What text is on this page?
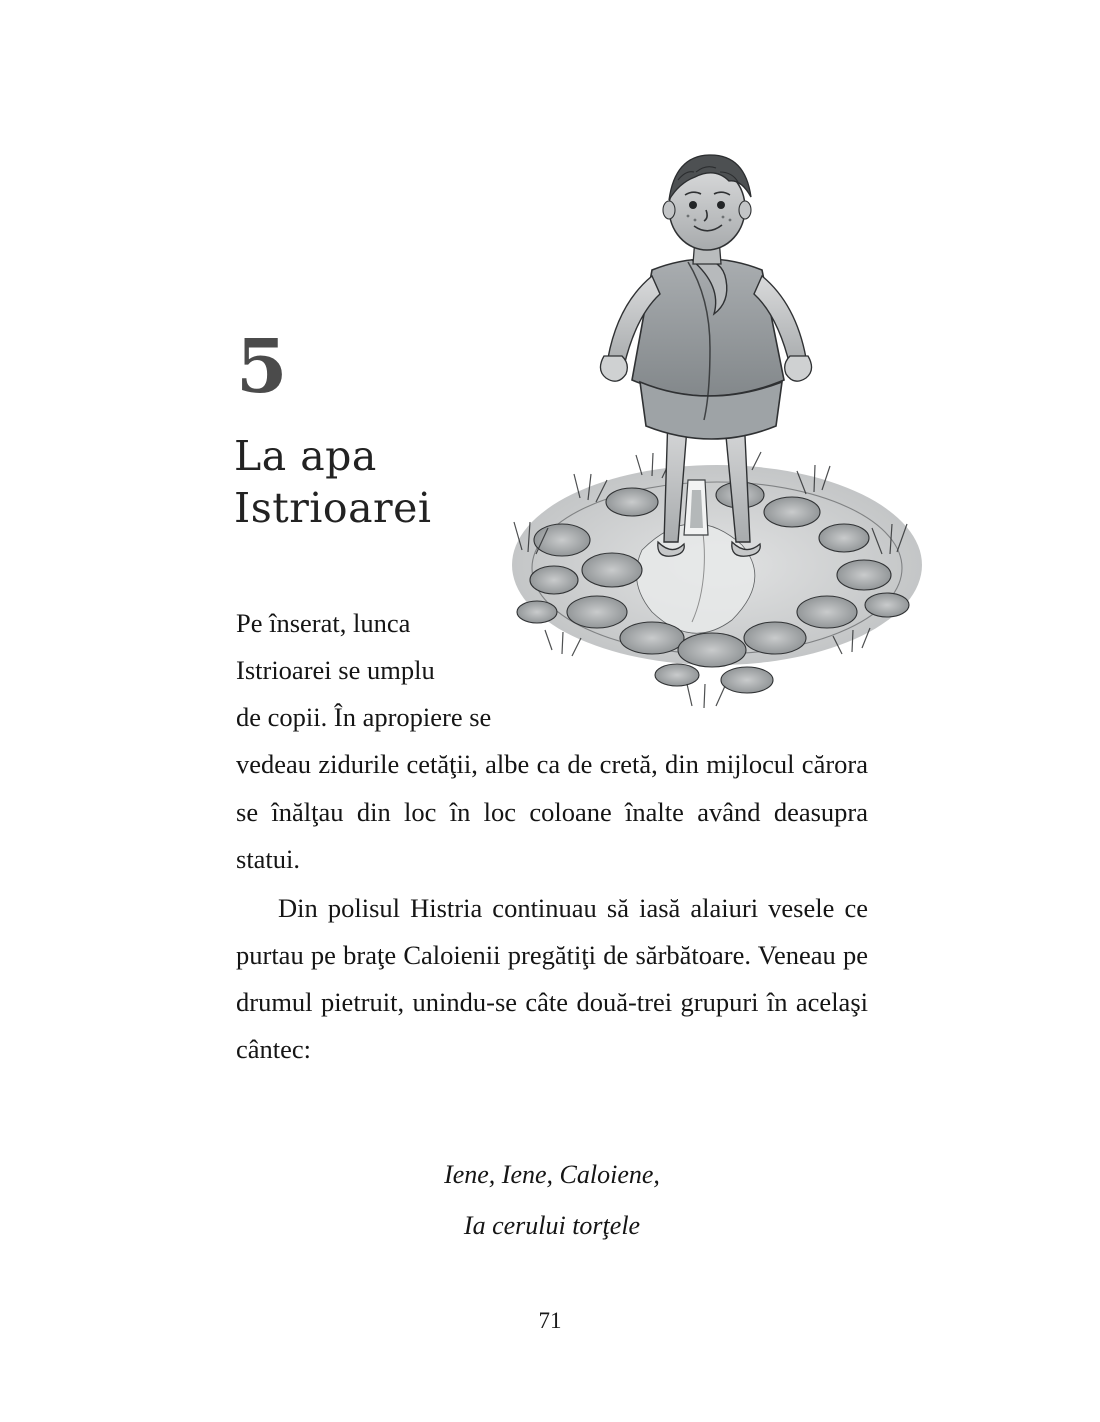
5
La apa
Istrioarei

Pe înserat, lunca
Istrioarei se umplu
de copii. În apropiere se
vedeau zidurile cetăţii, albe ca de cretă, din mijlocul cărora se înălţau din loc în loc coloane înalte având deasupra statui.

Din polisul Histria continuau să iasă alaiuri vesele ce purtau pe braţe Caloienii pregătiţi de sărbătoare. Veneau pe drumul pietruit, unindu-se câte două-trei grupuri în acelaşi cântec:

Iene, Iene, Caloiene,
Ia cerului torţele
71
